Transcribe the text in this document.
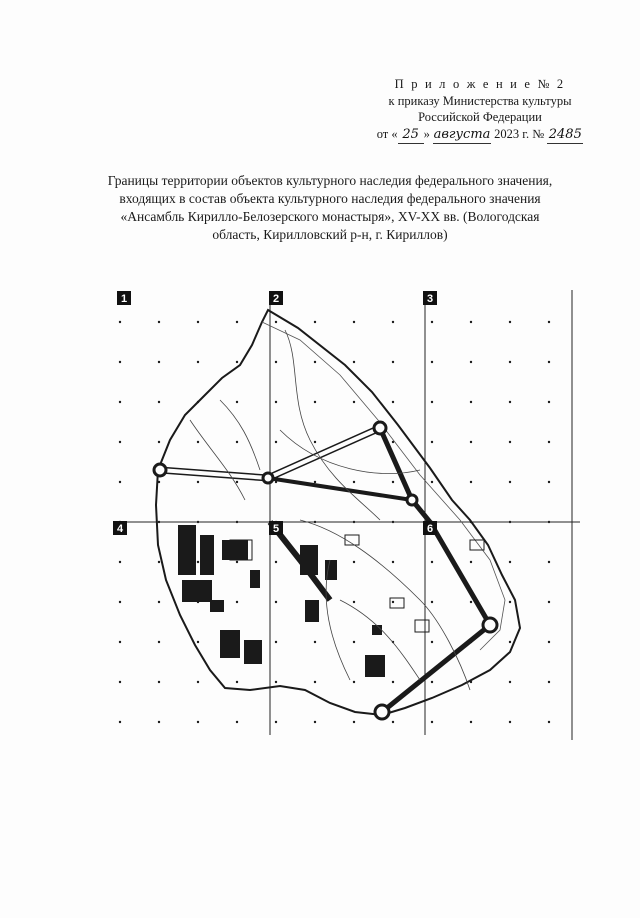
П р и л о ж е н и е № 2
к приказу Министерства культуры
Российской Федерации
от « 25 » августа 2023 г. № 2485
Границы территории объектов культурного наследия федерального значения,
входящих в состав объекта культурного наследия федерального значения
«Ансамбль Кирилло-Белозерского монастыря», XV-XX вв. (Вологодская
область, Кирилловский р-н, г. Кириллов)
1	2	3
4	5	6
